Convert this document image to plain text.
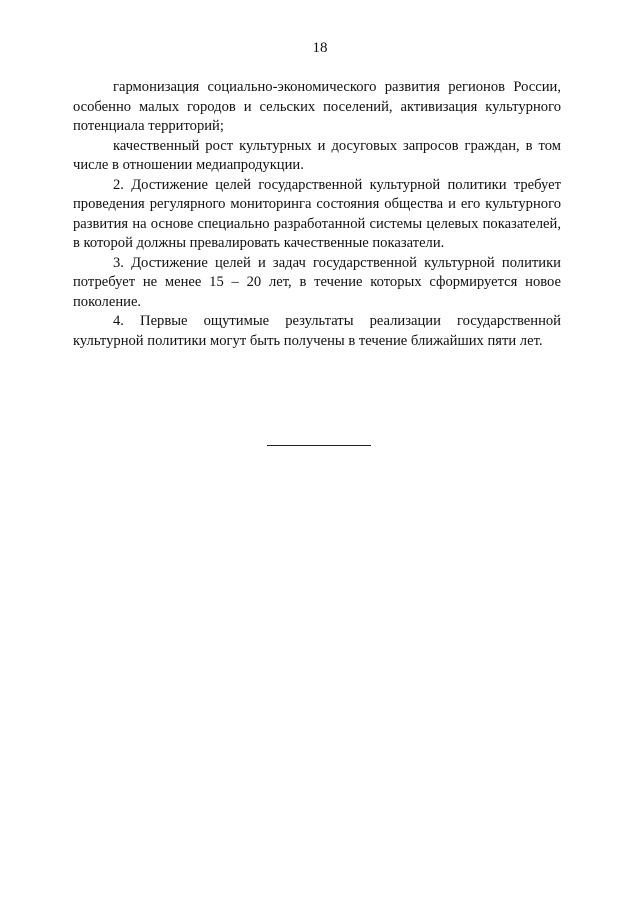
18

гармонизация социально-экономического развития регионов России, особенно малых городов и сельских поселений, активизация культурного потенциала территорий;

качественный рост культурных и досуговых запросов граждан, в том числе в отношении медиапродукции.

2. Достижение целей государственной культурной политики требует проведения регулярного мониторинга состояния общества и его культурного развития на основе специально разработанной системы целевых показателей, в которой должны превалировать качественные показатели.

3. Достижение целей и задач государственной культурной политики потребует не менее 15 – 20 лет, в течение которых сформируется новое поколение.

4. Первые ощутимые результаты реализации государственной культурной политики могут быть получены в течение ближайших пяти лет.
